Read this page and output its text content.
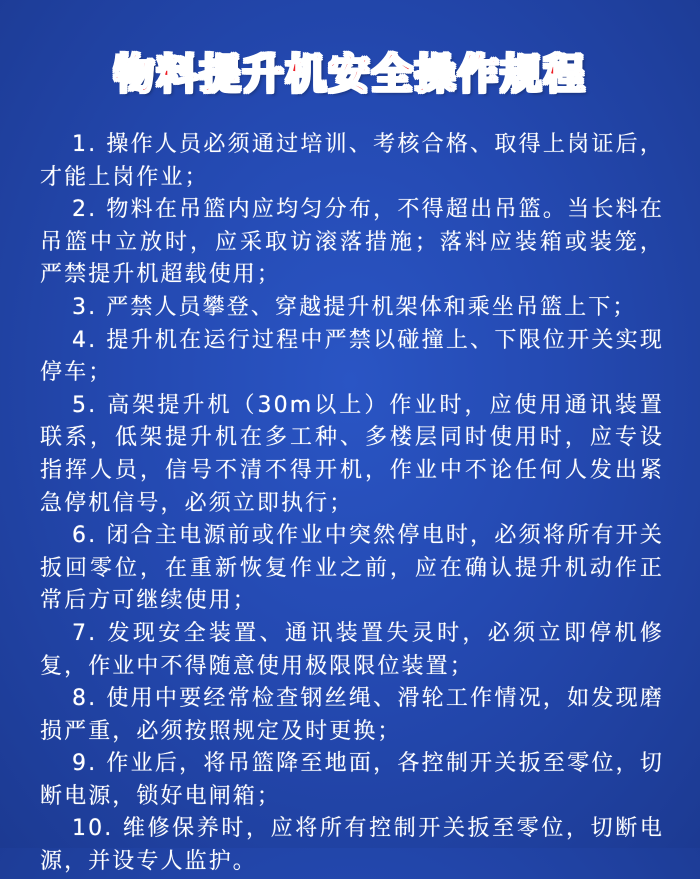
物料提升机安全操作规程
1. 操作人员必须通过培训、考核合格、取得上岗证后，才能上岗作业；
2. 物料在吊篮内应均匀分布，不得超出吊篮。当长料在吊篮中立放时，应采取访滚落措施；落料应装箱或装笼，严禁提升机超载使用；
3. 严禁人员攀登、穿越提升机架体和乘坐吊篮上下；
4. 提升机在运行过程中严禁以碰撞上、下限位开关实现停车；
5. 高架提升机（30m以上）作业时，应使用通讯装置联系，低架提升机在多工种、多楼层同时使用时，应专设指挥人员，信号不清不得开机，作业中不论任何人发出紧急停机信号，必须立即执行；
6. 闭合主电源前或作业中突然停电时，必须将所有开关扳回零位，在重新恢复作业之前，应在确认提升机动作正常后方可继续使用；
7. 发现安全装置、通讯装置失灵时，必须立即停机修复，作业中不得随意使用极限限位装置；
8. 使用中要经常检查钢丝绳、滑轮工作情况，如发现磨损严重，必须按照规定及时更换；
9. 作业后，将吊篮降至地面，各控制开关扳至零位，切断电源，锁好电闸箱；
10. 维修保养时，应将所有控制开关扳至零位，切断电源，并设专人监护。
